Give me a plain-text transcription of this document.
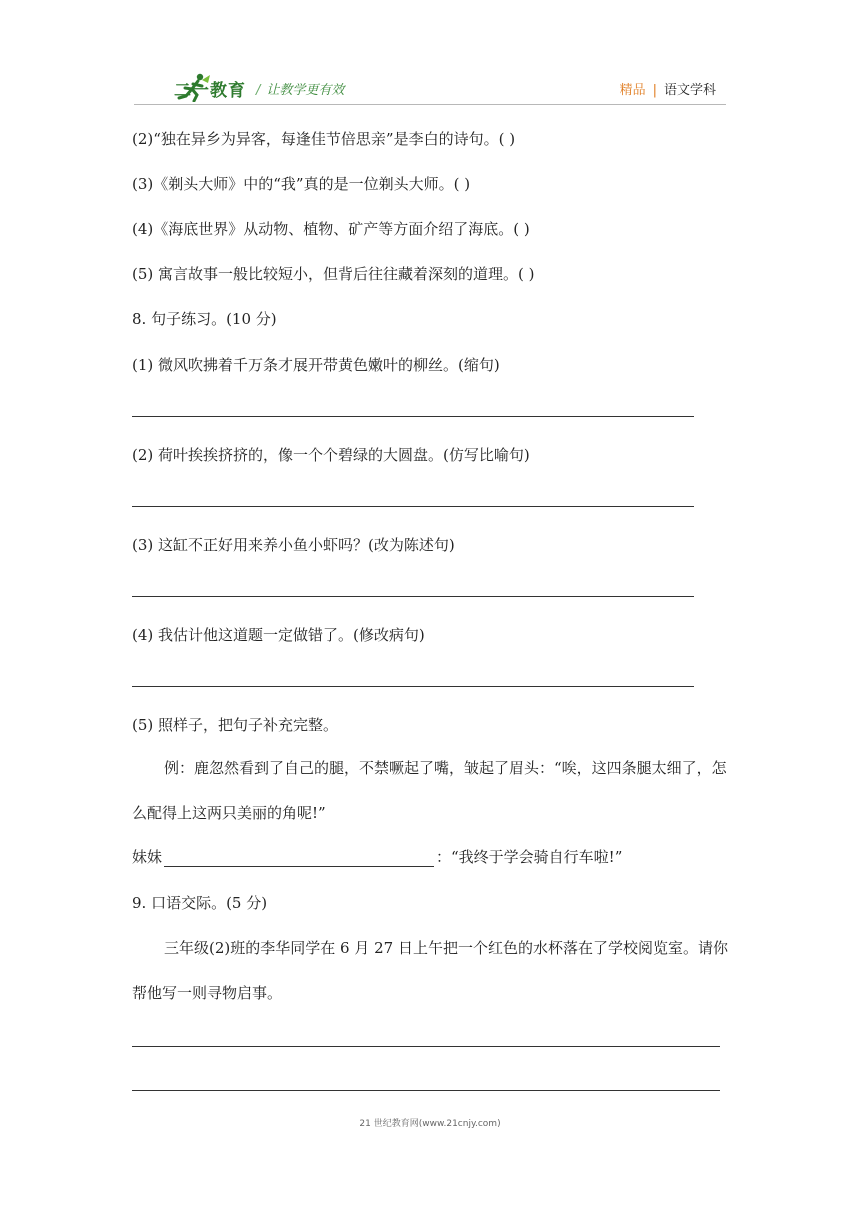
二一教育 / 让教学更有效	精品 | 语文学科
(2)“独在异乡为异客，每逢佳节倍思亲”是李白的诗句。( )
(3)《剃头大师》中的“我”真的是一位剃头大师。( )
(4)《海底世界》从动物、植物、矿产等方面介绍了海底。( )
(5) 寓言故事一般比较短小，但背后往往藏着深刻的道理。( )
8. 句子练习。(10 分)
(1) 微风吹拂着千万条才展开带黄色嫩叶的柳丝。(缩句)
(2) 荷叶挨挨挤挤的，像一个个碧绿的大圆盘。(仿写比喻句)
(3) 这缸不正好用来养小鱼小虾吗？(改为陈述句)
(4) 我估计他这道题一定做错了。(修改病句)
(5) 照样子，把句子补充完整。
例：鹿忽然看到了自己的腿，不禁噘起了嘴，皱起了眉头：“唉，这四条腿太细了，怎么配得上这两只美丽的角呢!”
妹妹	：“我终于学会骑自行车啦!”
9. 口语交际。(5 分)
三年级(2)班的李华同学在 6 月 27 日上午把一个红色的水杯落在了学校阅览室。请你帮他写一则寻物启事。
21 世纪教育网(www.21cnjy.com)
